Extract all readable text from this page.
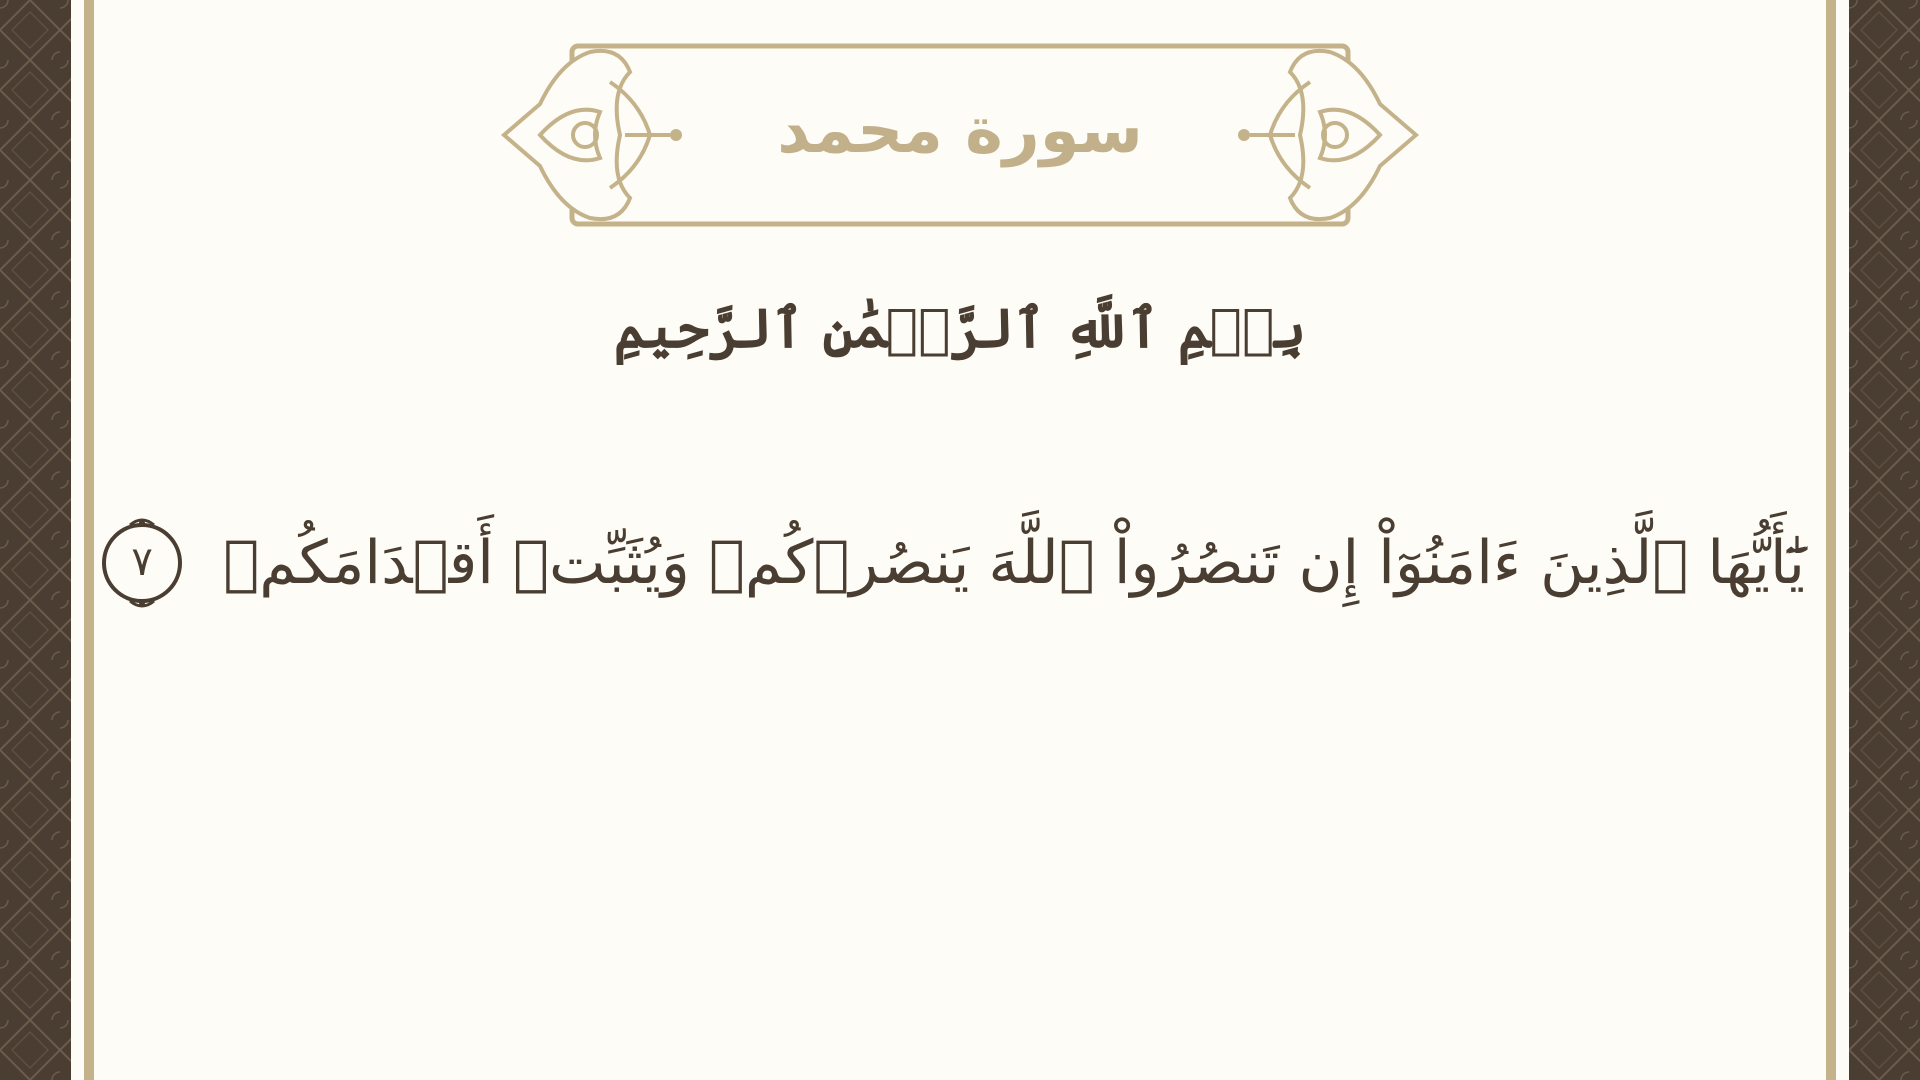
سورة محمد
بِسۡمِ ٱللَّهِ ٱلرَّحۡمَٰنِ ٱلرَّحِيمِ
يَٰٓأَيُّهَا ٱلَّذِينَ ءَامَنُوٓاْ إِن تَنصُرُواْ ٱللَّهَ يَنصُرۡكُمۡ وَيُثَبِّتۡ أَقۡدَامَكُمۡ
٧
